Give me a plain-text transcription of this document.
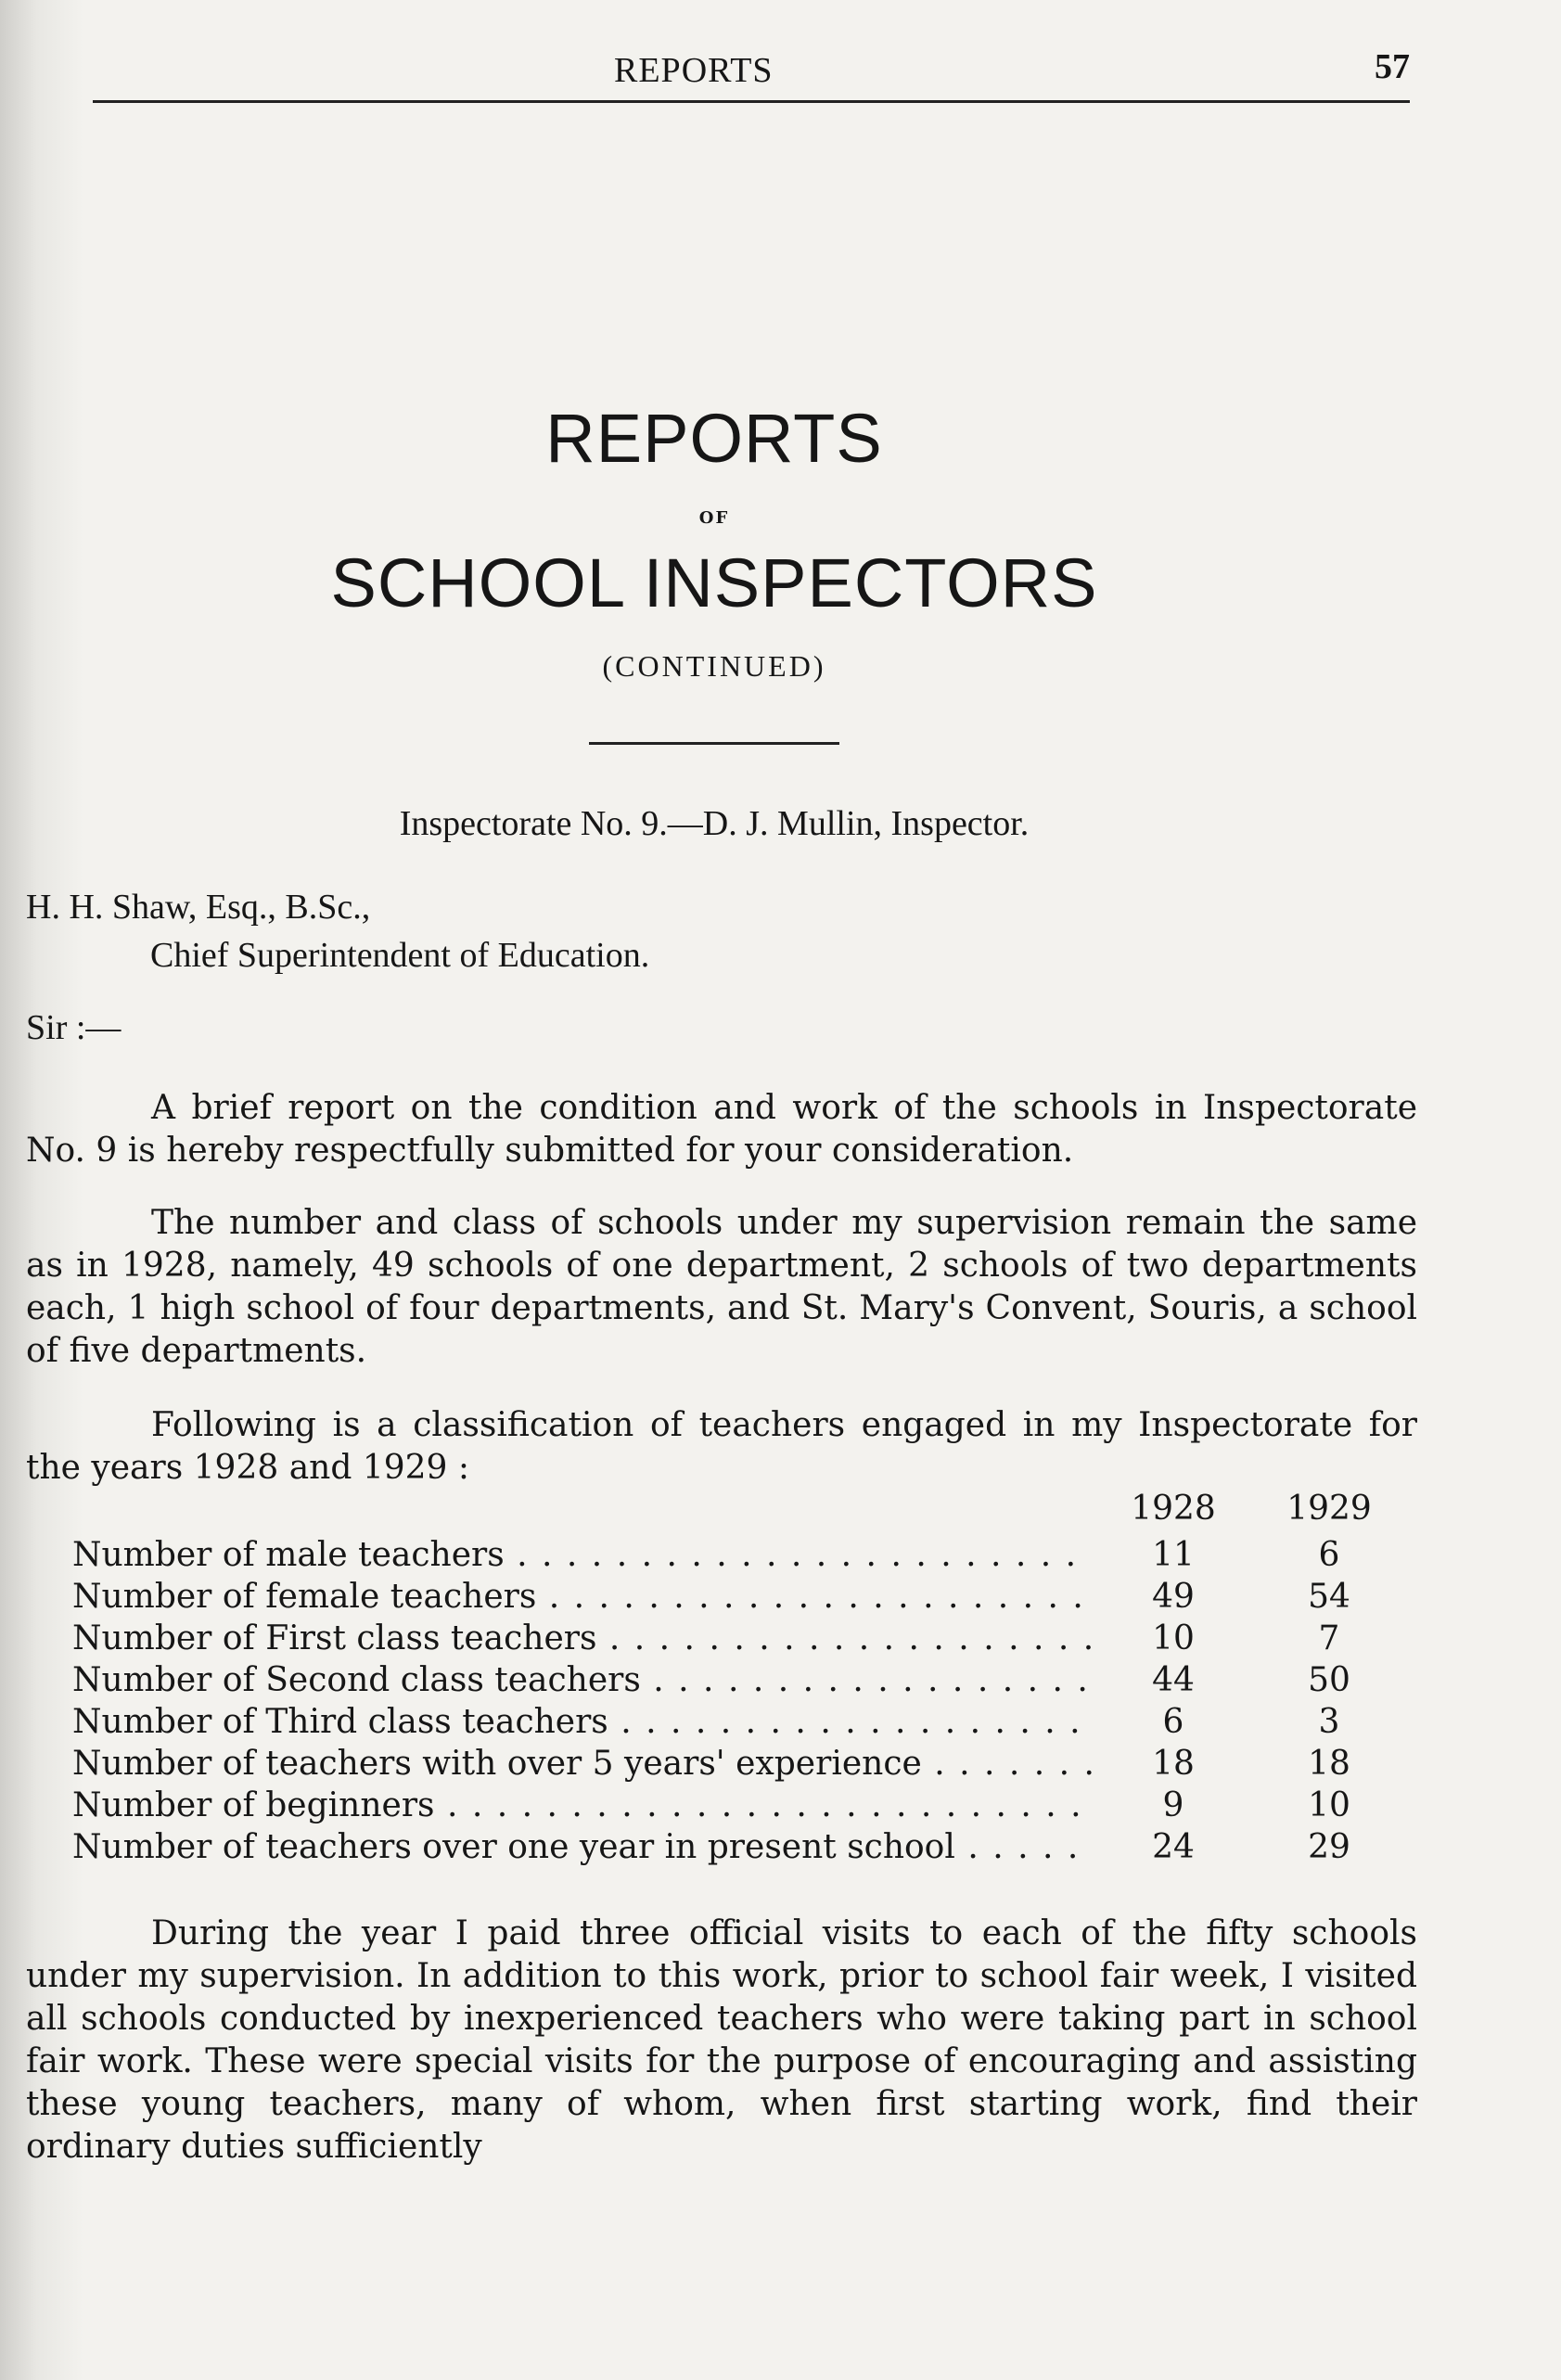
REPORTS	57
REPORTS
OF
SCHOOL INSPECTORS
(CONTINUED)
Inspectorate No. 9.—D. J. Mullin, Inspector.
H. H. Shaw, Esq., B.Sc.,
Chief Superintendent of Education.
Sir :—
A brief report on the condition and work of the schools in Inspectorate No. 9 is hereby respectfully submitted for your consideration.
The number and class of schools under my supervision remain the same as in 1928, namely, 49 schools of one department, 2 schools of two departments each, 1 high school of four departments, and St. Mary's Convent, Souris, a school of five departments.
Following is a classification of teachers engaged in my Inspectorate for the years 1928 and 1929 :
1928 1929
Number of male teachers . . .	11	6
Number of female teachers . . .	49	54
Number of First class teachers . . .	10	7
Number of Second class teachers . . .	44	50
Number of Third class teachers . . .	6	3
Number of teachers with over 5 years' experience . . .	18	18
Number of beginners . . .	9	10
Number of teachers over one year in present school . . .	24	29
During the year I paid three official visits to each of the fifty schools under my supervision. In addition to this work, prior to school fair week, I visited all schools conducted by inexperienced teachers who were taking part in school fair work. These were special visits for the purpose of encouraging and assisting these young teachers, many of whom, when first starting work, find their ordinary duties sufficiently
